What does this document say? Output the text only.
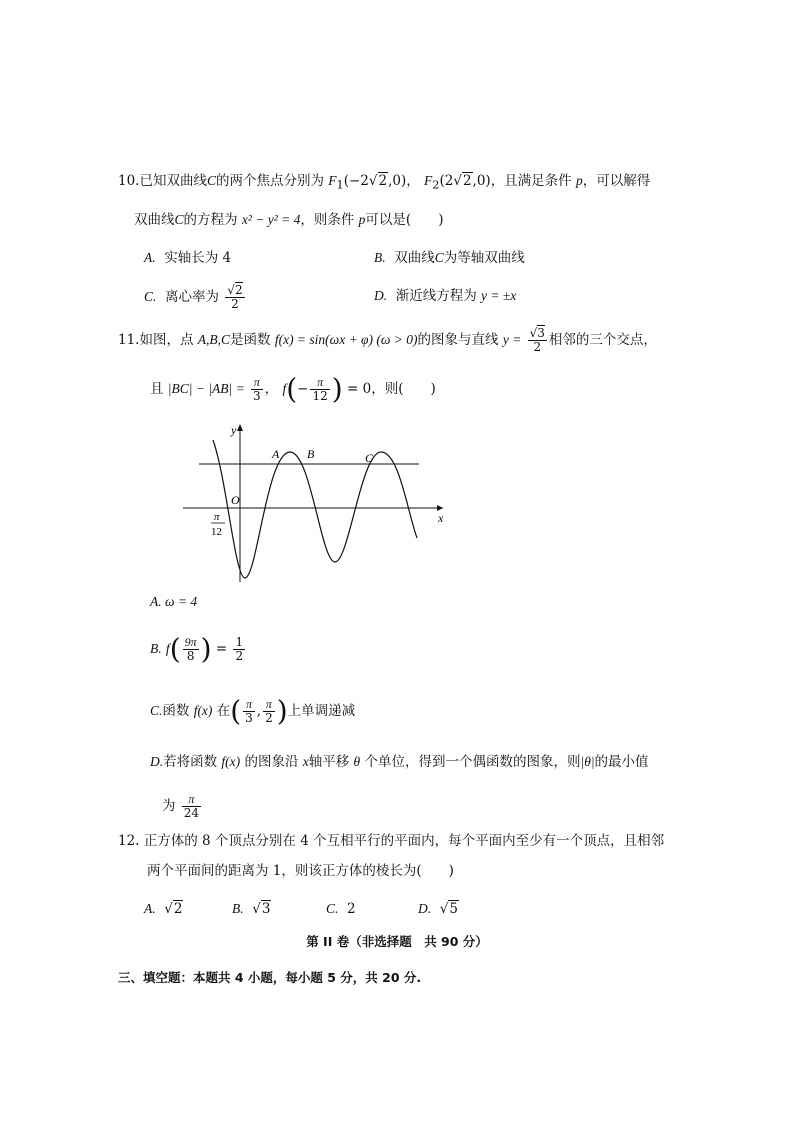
10.已知双曲线C的两个焦点分别为 $F_1(-2√2,0)$， $F_2(2√2,0)$，且满足条件 p，可以解得
双曲线C的方程为 x² − y² = 4，则条件 p可以是(　　)
A. 实轴长为 4	B. 双曲线C为等轴双曲线
C. 离心率为 $\frac{√2}{2}$	D. 渐近线方程为 y = ±x
11.如图，点 A,B,C是函数 f(x) = sin(ωx + φ) (ω > 0)的图象与直线 $y = \frac{√3}{2}$ 相邻的三个交点，
且 $|BC| - |AB| = \frac{\pi}{3}$ ， $f(- \frac{\pi}{12}$ ) = 0，则(　　)
y
x
O
A B	C
π
12
A. ω = 4
B. $f( \frac{9\pi}{8}$ ) = $\frac{1}{2}$
C.函数 f(x) 在( $\frac{\pi}{3}$ , $\frac{\pi}{2}$ )上单调递减
D.若将函数 f(x) 的图象沿 x轴平移 θ 个单位，得到一个偶函数的图象，则|θ|的最小值
为 $\frac{\pi}{24}$
12. 正方体的 8 个顶点分别在 4 个互相平行的平面内，每个平面内至少有一个顶点，且相邻
两个平面间的距离为 1，则该正方体的棱长为(　　)
A. √2	B. √3	C. 2	D. √5
第 II 卷（非选择题　共 90 分）
三、填空题：本题共 4 小题，每小题 5 分，共 20 分.
